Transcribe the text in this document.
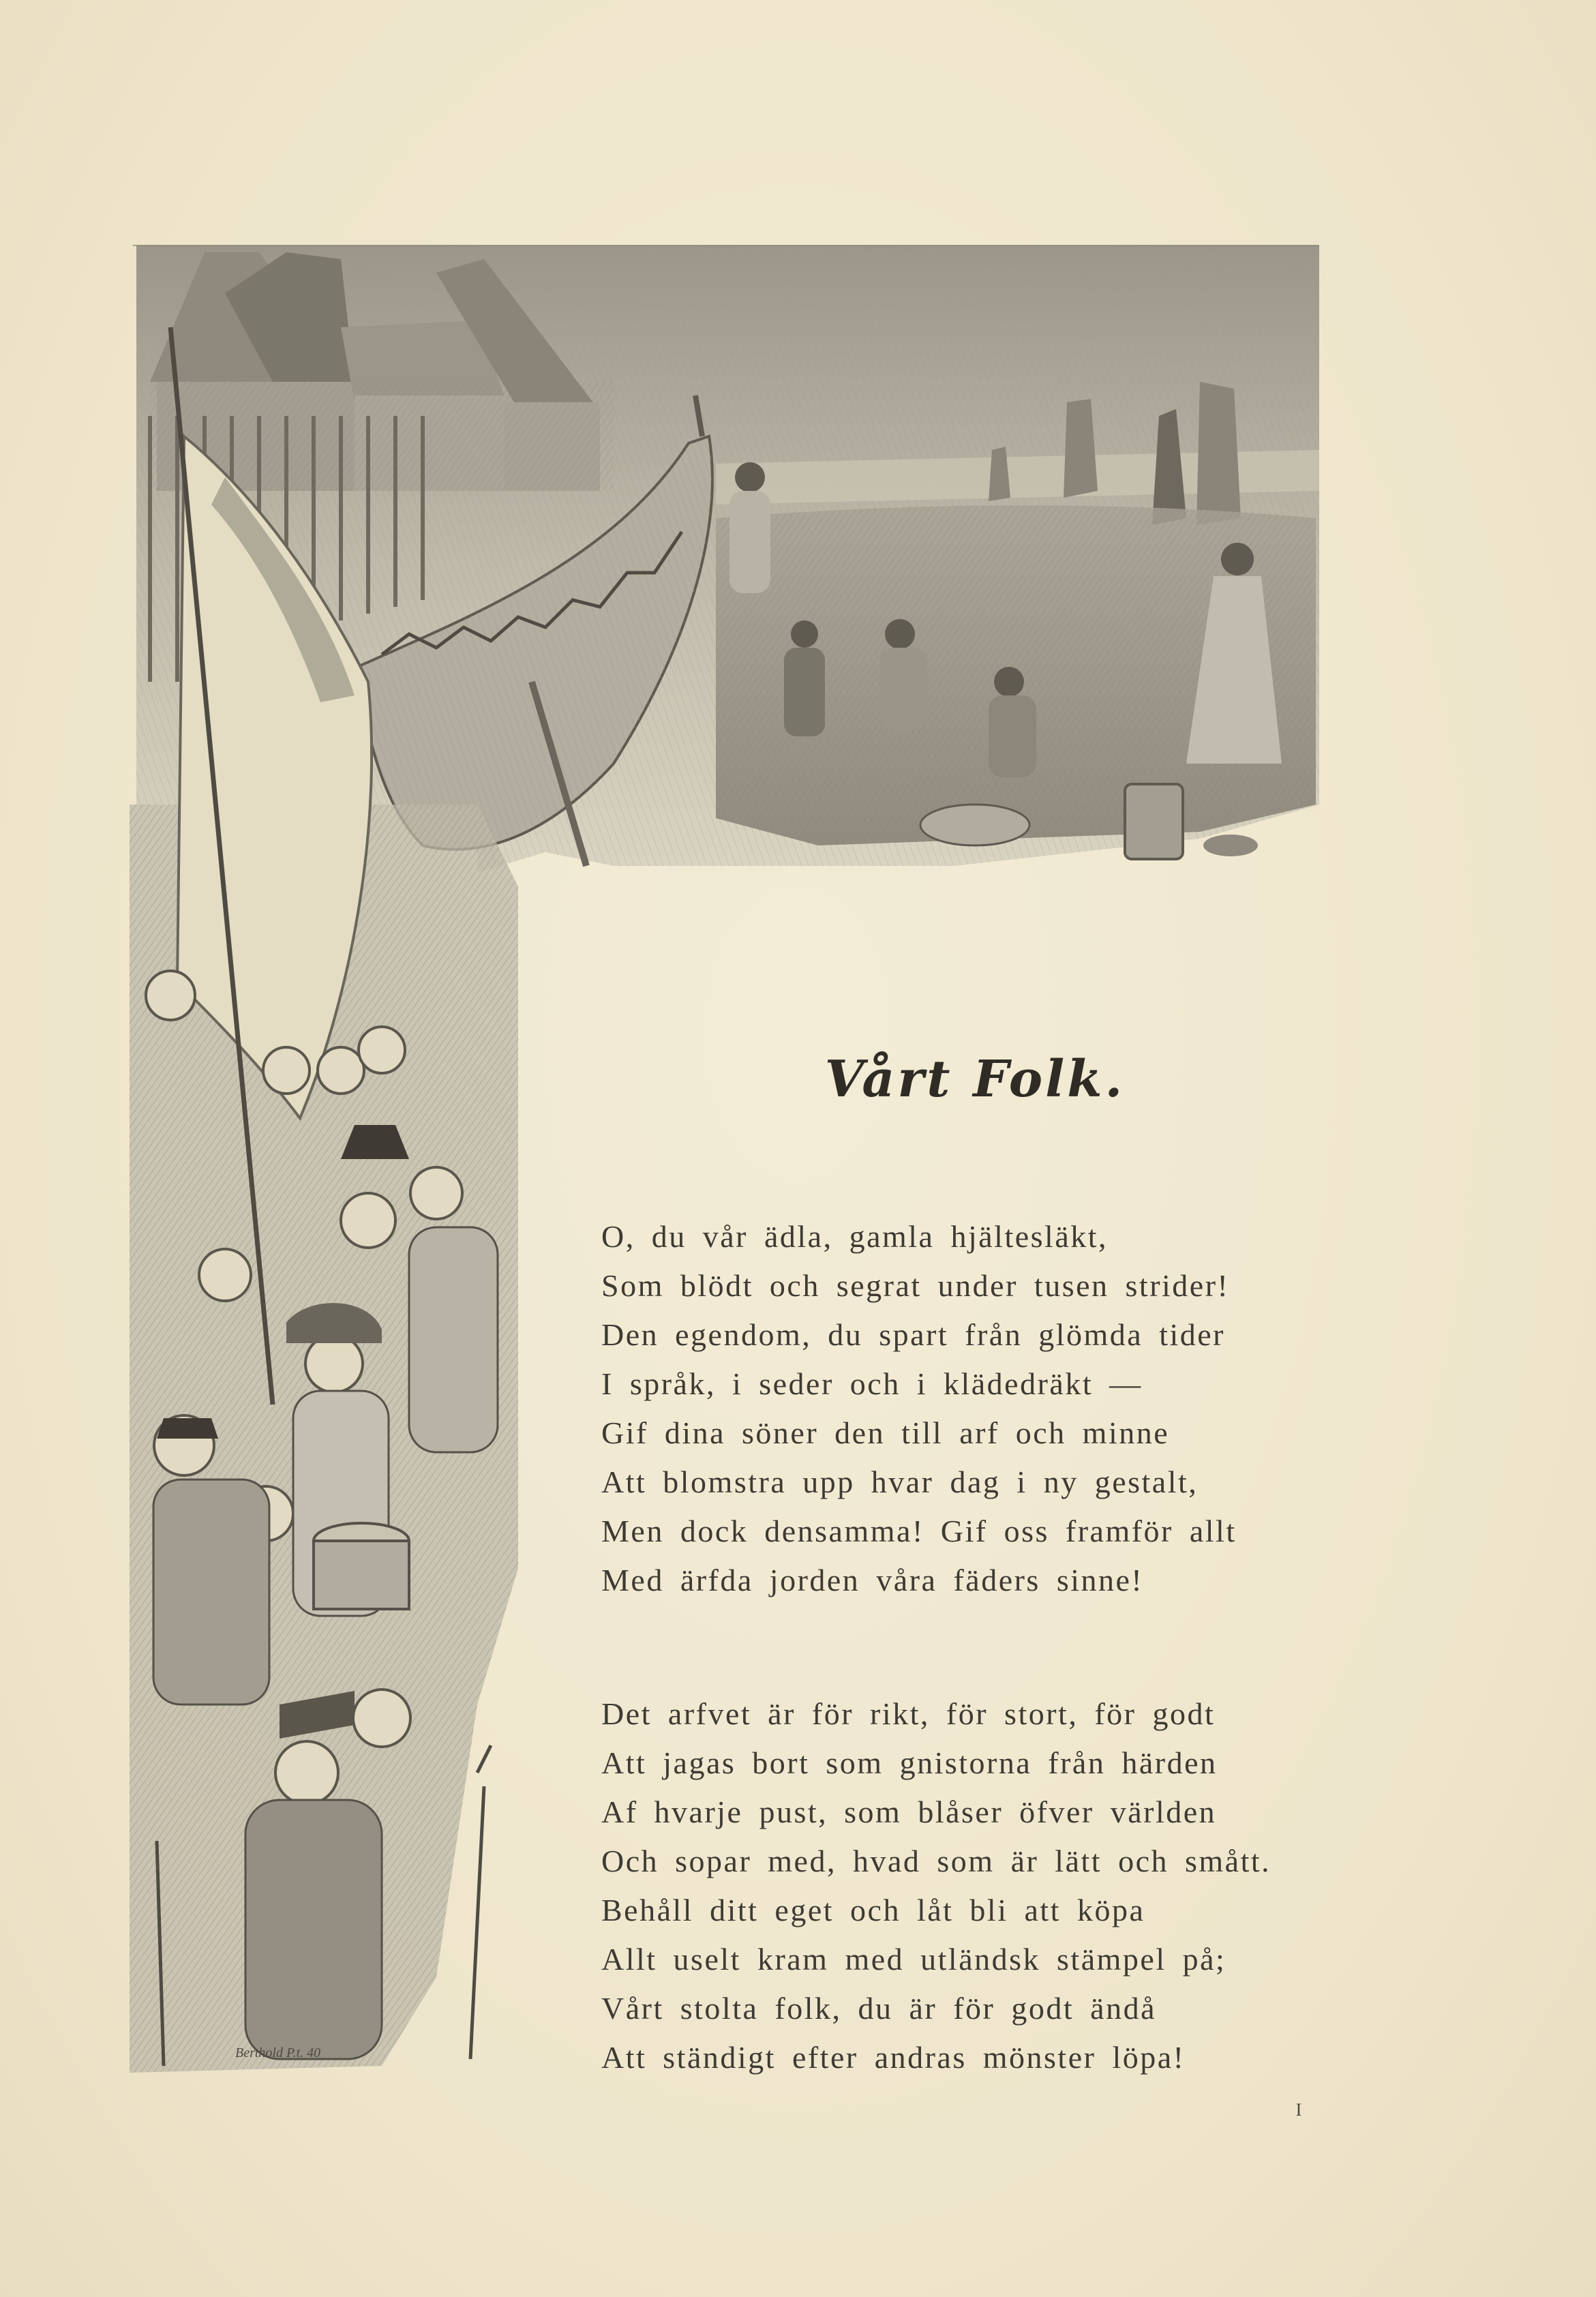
Berthold P.t. 40
Vårt Folk.
O, du vår ädla, gamla hjältesläkt,
Som blödt och segrat under tusen strider!
Den egendom, du spart från glömda tider
I språk, i seder och i klädedräkt —
Gif dina söner den till arf och minne
Att blomstra upp hvar dag i ny gestalt,
Men dock densamma! Gif oss framför allt
Med ärfda jorden våra fäders sinne!
Det arfvet är för rikt, för stort, för godt
Att jagas bort som gnistorna från härden
Af hvarje pust, som blåser öfver världen
Och sopar med, hvad som är lätt och smått.
Behåll ditt eget och låt bli att köpa
Allt uselt kram med utländsk stämpel på;
Vårt stolta folk, du är för godt ändå
Att ständigt efter andras mönster löpa!
I
